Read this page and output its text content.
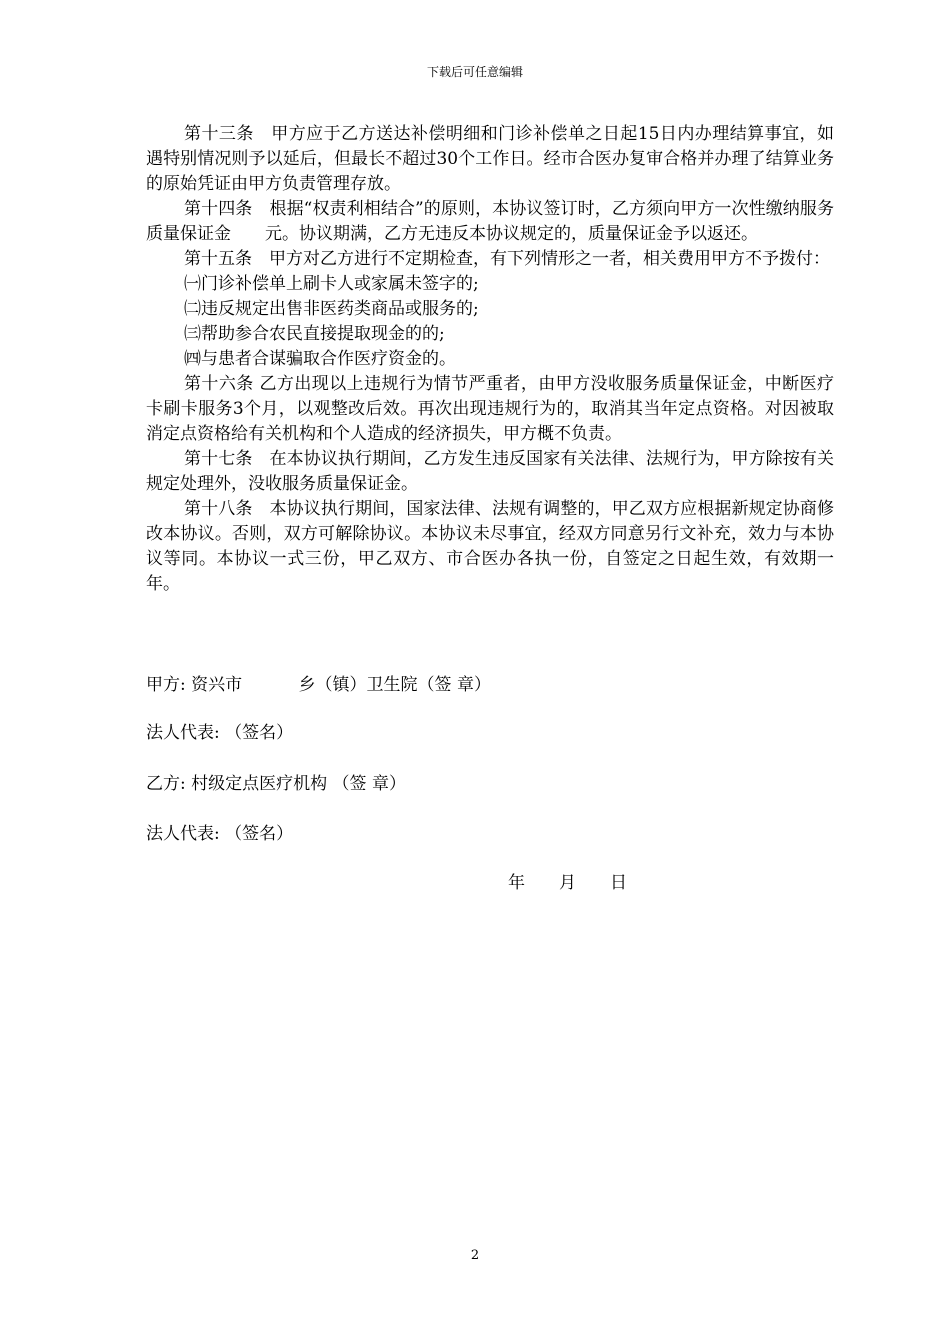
下载后可任意编辑

第十三条　甲方应于乙方送达补偿明细和门诊补偿单之日起15日内办理结算事宜，如遇特别情况则予以延后，但最长不超过30个工作日。经市合医办复审合格并办理了结算业务的原始凭证由甲方负责管理存放。

第十四条　根据“权责利相结合”的原则，本协议签订时，乙方须向甲方一次性缴纳服务质量保证金　　元。协议期满，乙方无违反本协议规定的，质量保证金予以返还。

第十五条　甲方对乙方进行不定期检查，有下列情形之一者，相关费用甲方不予拨付：

㈠门诊补偿单上刷卡人或家属未签字的;

㈡违反规定出售非医药类商品或服务的;

㈢帮助参合农民直接提取现金的的;

㈣与患者合谋骗取合作医疗资金的。

第十六条 乙方出现以上违规行为情节严重者，由甲方没收服务质量保证金，中断医疗卡刷卡服务3个月，以观整改后效。再次出现违规行为的，取消其当年定点资格。对因被取消定点资格给有关机构和个人造成的经济损失，甲方概不负责。

第十七条　在本协议执行期间，乙方发生违反国家有关法律、法规行为，甲方除按有关规定处理外，没收服务质量保证金。

第十八条　本协议执行期间，国家法律、法规有调整的，甲乙双方应根据新规定协商修改本协议。否则，双方可解除协议。本协议未尽事宜，经双方同意另行文补充，效力与本协议等同。本协议一式三份，甲乙双方、市合医办各执一份，自签定之日起生效，有效期一年。

甲方: 资兴市　　　 乡（镇）卫生院（签 章）
法人代表: （签名）
乙方: 村级定点医疗机构 （签 章）
法人代表: （签名）
年　　月　　日
2
